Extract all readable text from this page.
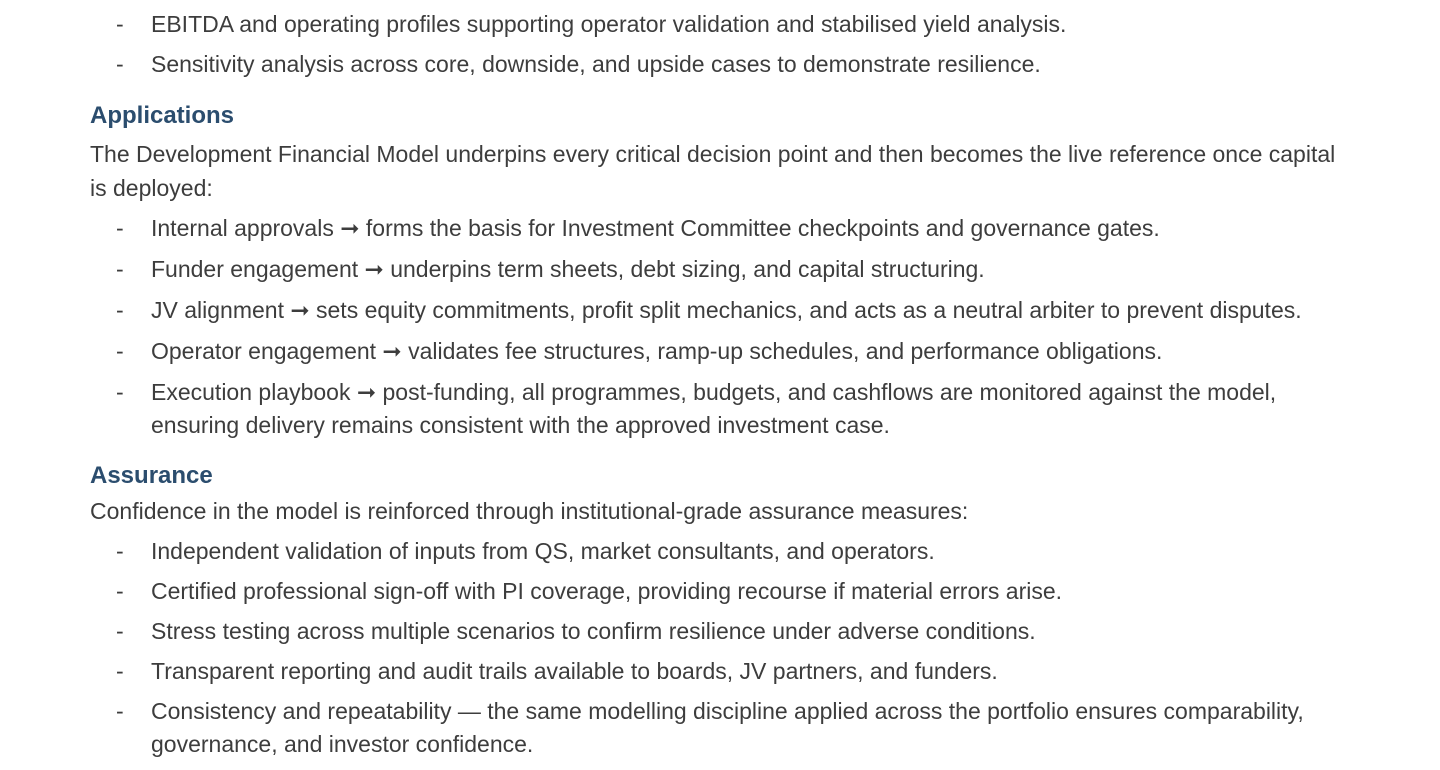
- EBITDA and operating profiles supporting operator validation and stabilised yield analysis.
- Sensitivity analysis across core, downside, and upside cases to demonstrate resilience.
Applications

The Development Financial Model underpins every critical decision point and then becomes the live reference once capital is deployed:

- Internal approvals ➞ forms the basis for Investment Committee checkpoints and governance gates.
- Funder engagement ➞ underpins term sheets, debt sizing, and capital structuring.
- JV alignment ➞ sets equity commitments, profit split mechanics, and acts as a neutral arbiter to prevent disputes.
- Operator engagement ➞ validates fee structures, ramp-up schedules, and performance obligations.
- Execution playbook ➞ post-funding, all programmes, budgets, and cashflows are monitored against the model, ensuring delivery remains consistent with the approved investment case.
Assurance

Confidence in the model is reinforced through institutional-grade assurance measures:

- Independent validation of inputs from QS, market consultants, and operators.
- Certified professional sign-off with PI coverage, providing recourse if material errors arise.
- Stress testing across multiple scenarios to confirm resilience under adverse conditions.
- Transparent reporting and audit trails available to boards, JV partners, and funders.
- Consistency and repeatability — the same modelling discipline applied across the portfolio ensures comparability, governance, and investor confidence.
